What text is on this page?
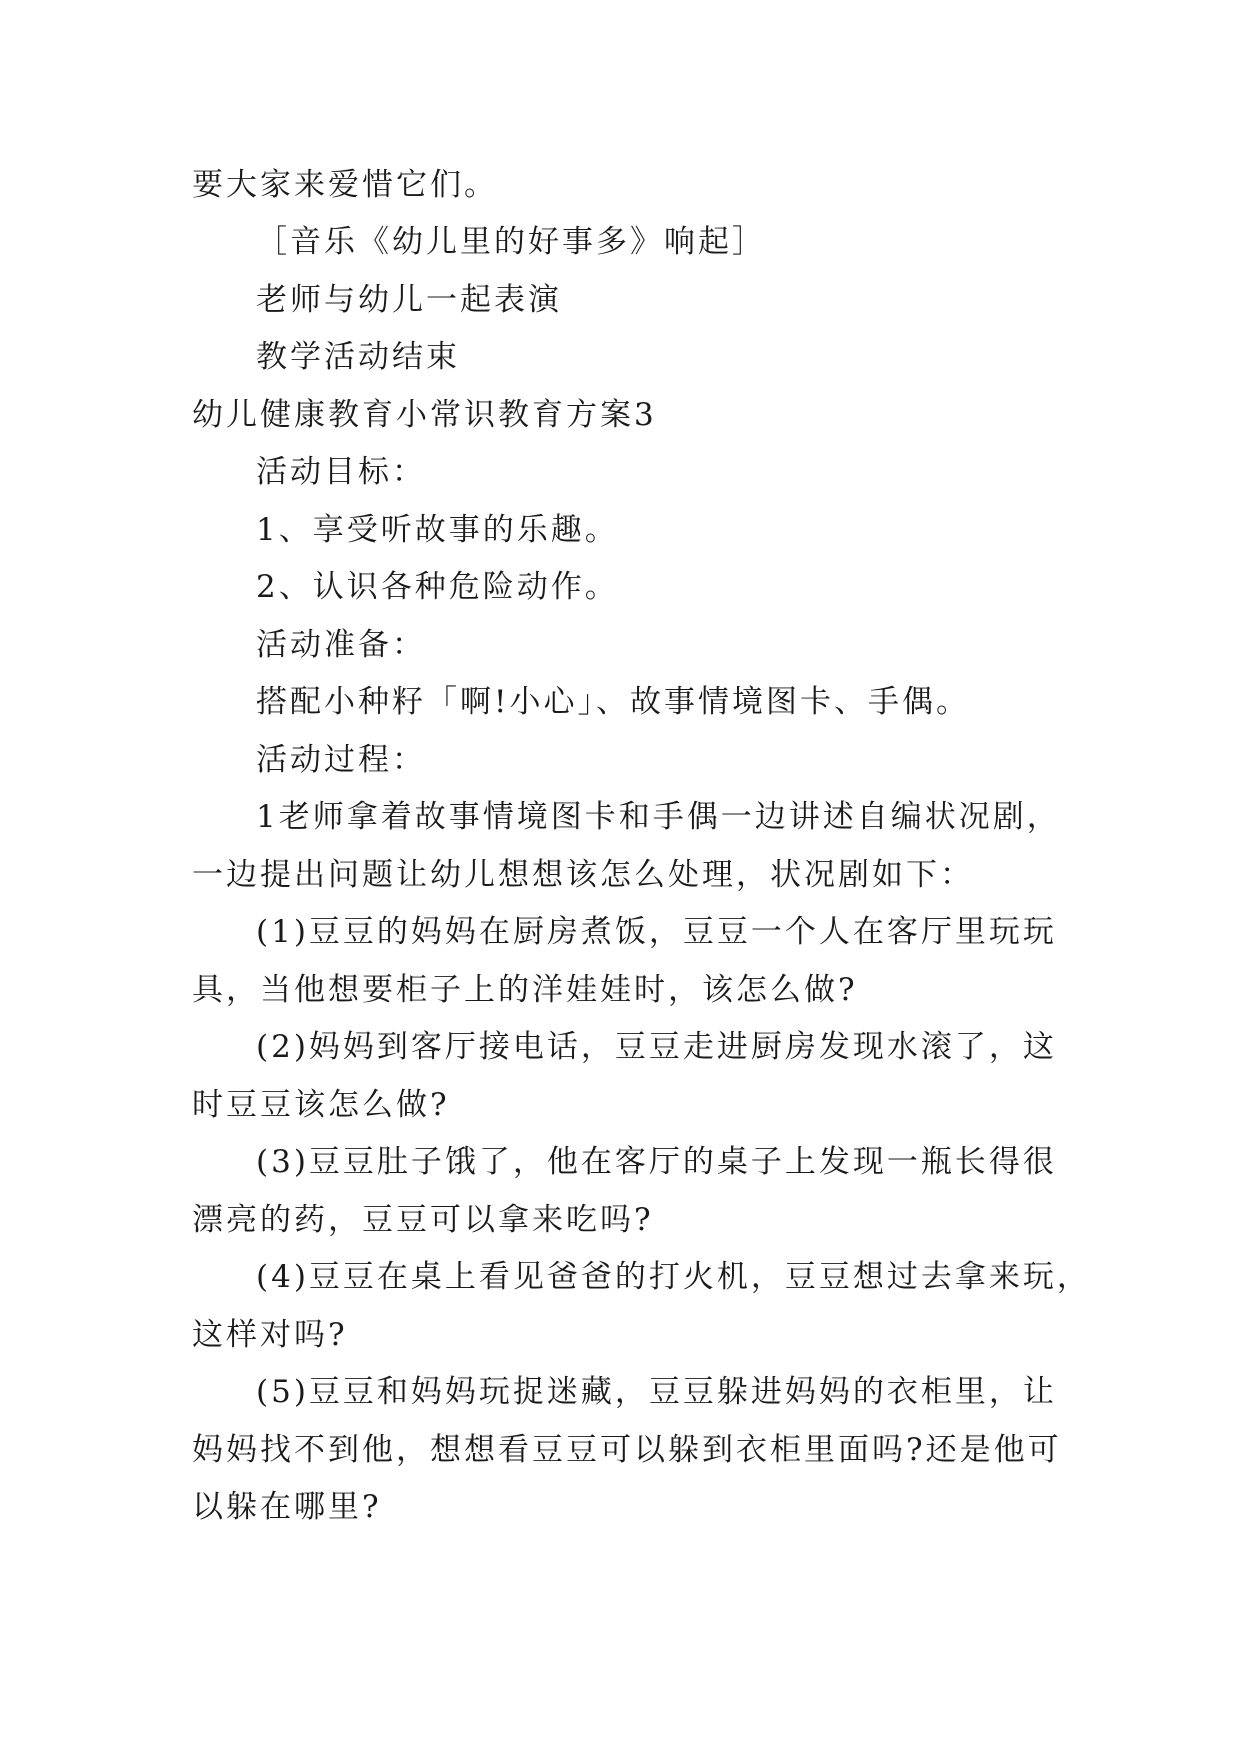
要大家来爱惜它们。
［音乐《幼儿里的好事多》响起］
老师与幼儿一起表演
教学活动结束
幼儿健康教育小常识教育方案3
活动目标：
1、享受听故事的乐趣。
2、认识各种危险动作。
活动准备：
搭配小种籽「啊!小心」、故事情境图卡、手偶。
活动过程：
1老师拿着故事情境图卡和手偶一边讲述自编状况剧，
一边提出问题让幼儿想想该怎么处理，状况剧如下：
(1)豆豆的妈妈在厨房煮饭，豆豆一个人在客厅里玩玩
具，当他想要柜子上的洋娃娃时，该怎么做?
(2)妈妈到客厅接电话，豆豆走进厨房发现水滚了，这
时豆豆该怎么做?
(3)豆豆肚子饿了，他在客厅的桌子上发现一瓶长得很
漂亮的药，豆豆可以拿来吃吗?
(4)豆豆在桌上看见爸爸的打火机，豆豆想过去拿来玩，
这样对吗?
(5)豆豆和妈妈玩捉迷藏，豆豆躲进妈妈的衣柜里，让
妈妈找不到他，想想看豆豆可以躲到衣柜里面吗?还是他可
以躲在哪里?
